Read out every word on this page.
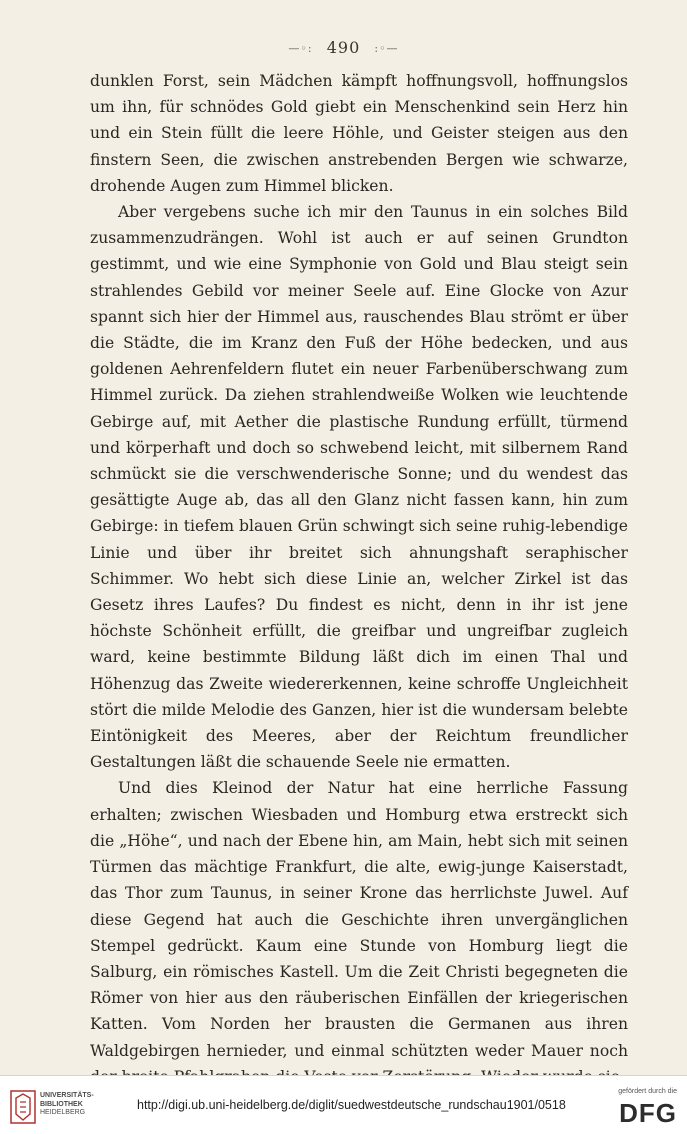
—◦: 490 :◦—

dunklen Forst, sein Mädchen kämpft hoffnungsvoll, hoffnungslos um ihn, für schnödes Gold giebt ein Menschenkind sein Herz hin und ein Stein füllt die leere Höhle, und Geister steigen aus den finstern Seen, die zwischen anstrebenden Bergen wie schwarze, drohende Augen zum Himmel blicken.

Aber vergebens suche ich mir den Taunus in ein solches Bild zusammenzudrängen. Wohl ist auch er auf seinen Grundton gestimmt, und wie eine Symphonie von Gold und Blau steigt sein strahlendes Gebild vor meiner Seele auf. Eine Glocke von Azur spannt sich hier der Himmel aus, rauschendes Blau strömt er über die Städte, die im Kranz den Fuß der Höhe bedecken, und aus goldenen Aehrenfeldern flutet ein neuer Farbenüberschwang zum Himmel zurück. Da ziehen strahlendweiße Wolken wie leuchtende Gebirge auf, mit Aether die plastische Rundung erfüllt, türmend und körperhaft und doch so schwebend leicht, mit silbernem Rand schmückt sie die verschwenderische Sonne; und du wendest das gesättigte Auge ab, das all den Glanz nicht fassen kann, hin zum Gebirge: in tiefem blauen Grün schwingt sich seine ruhig-lebendige Linie und über ihr breitet sich ahnungshaft seraphischer Schimmer. Wo hebt sich diese Linie an, welcher Zirkel ist das Gesetz ihres Laufes? Du findest es nicht, denn in ihr ist jene höchste Schönheit erfüllt, die greifbar und ungreifbar zugleich ward, keine bestimmte Bildung läßt dich im einen Thal und Höhenzug das Zweite wiedererkennen, keine schroffe Ungleichheit stört die milde Melodie des Ganzen, hier ist die wundersam belebte Eintönigkeit des Meeres, aber der Reichtum freundlicher Gestaltungen läßt die schauende Seele nie ermatten.

Und dies Kleinod der Natur hat eine herrliche Fassung erhalten; zwischen Wiesbaden und Homburg etwa erstreckt sich die „Höhe“, und nach der Ebene hin, am Main, hebt sich mit seinen Türmen das mächtige Frankfurt, die alte, ewig-junge Kaiserstadt, das Thor zum Taunus, in seiner Krone das herrlichste Juwel. Auf diese Gegend hat auch die Geschichte ihren unvergänglichen Stempel gedrückt. Kaum eine Stunde von Homburg liegt die Salburg, ein römisches Kastell. Um die Zeit Christi begegneten die Römer von hier aus den räuberischen Einfällen der kriegerischen Katten. Vom Norden her brausten die Germanen aus ihren Waldgebirgen hernieder, und einmal schützten weder Mauer noch

UNIVERSITÄTS-
BIBLIOTHEK
HEIDELBERG
http://digi.ub.uni-heidelberg.de/diglit/suedwestdeutsche_rundschau1901/0518
gefördert durch die
DFG
